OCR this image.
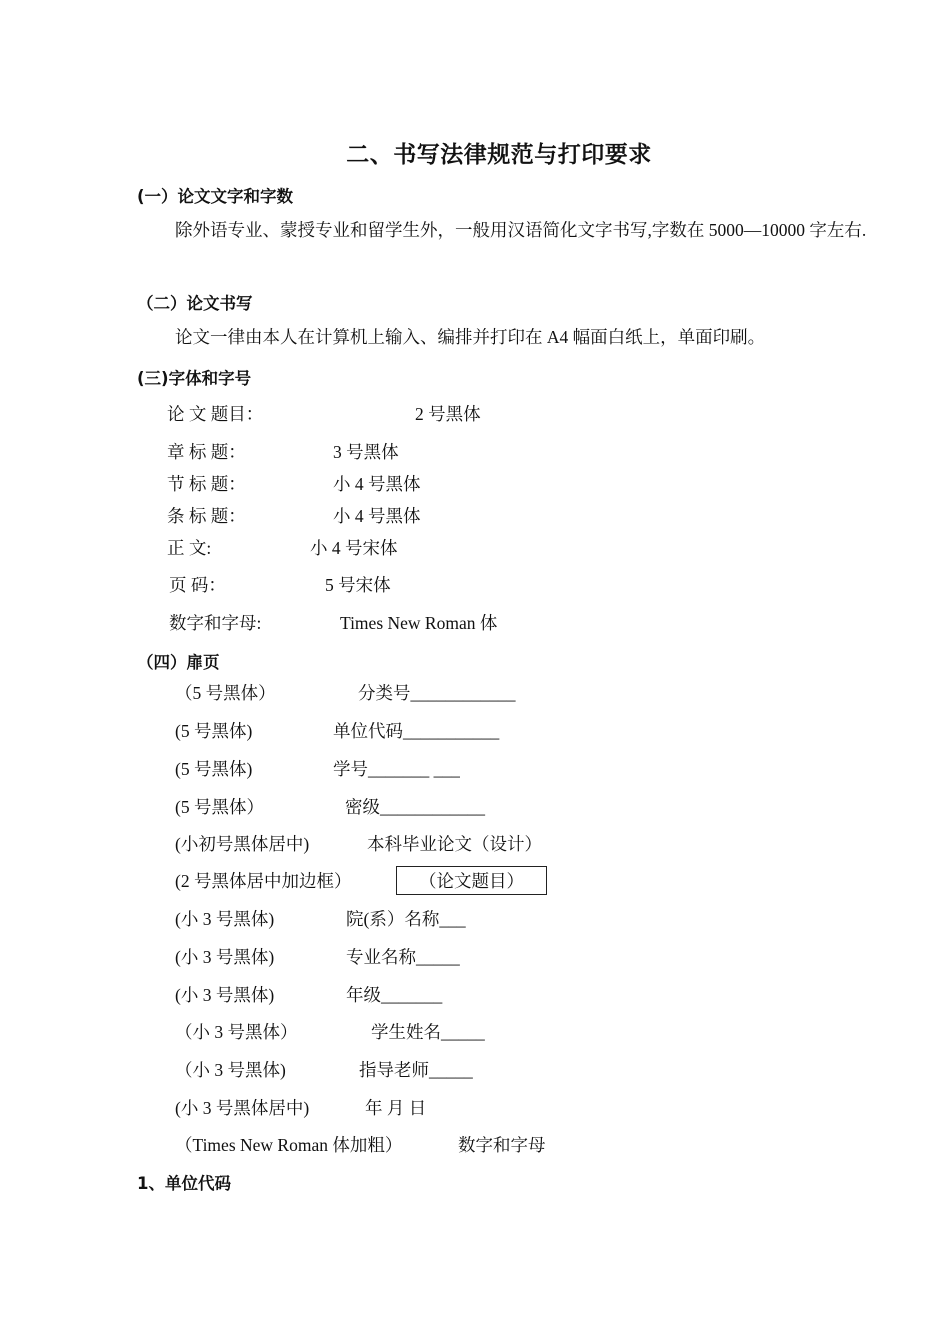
二、书写法律规范与打印要求
(一）论文文字和字数
除外语专业、蒙授专业和留学生外，一般用汉语简化文字书写,字数在 5000—10000 字左右.
（二）论文书写
论文一律由本人在计算机上输入、编排并打印在 A4 幅面白纸上，单面印刷。
(三)字体和字号
论 文 题目：	2 号黑体
章 标 题：	3 号黑体
节 标 题：	小 4 号黑体
条 标 题：	小 4 号黑体
正 文:	小 4 号宋体
页 码：	5 号宋体
数字和字母:	Times New Roman 体
（四）扉页
（5 号黑体）	分类号____________
(5 号黑体)	单位代码___________
(5 号黑体)	学号_______ ___
(5 号黑体）	密级____________
(小初号黑体居中)	本科毕业论文（设计）
(2 号黑体居中加边框）	（论文题目）
(小 3 号黑体)	院(系）名称___
(小 3 号黑体)	专业名称_____
(小 3 号黑体)	年级_______
（小 3 号黑体）	学生姓名_____
（小 3 号黑体)	指导老师_____
(小 3 号黑体居中)	年 月 日
（Times New Roman 体加粗）	数字和字母
1、单位代码
